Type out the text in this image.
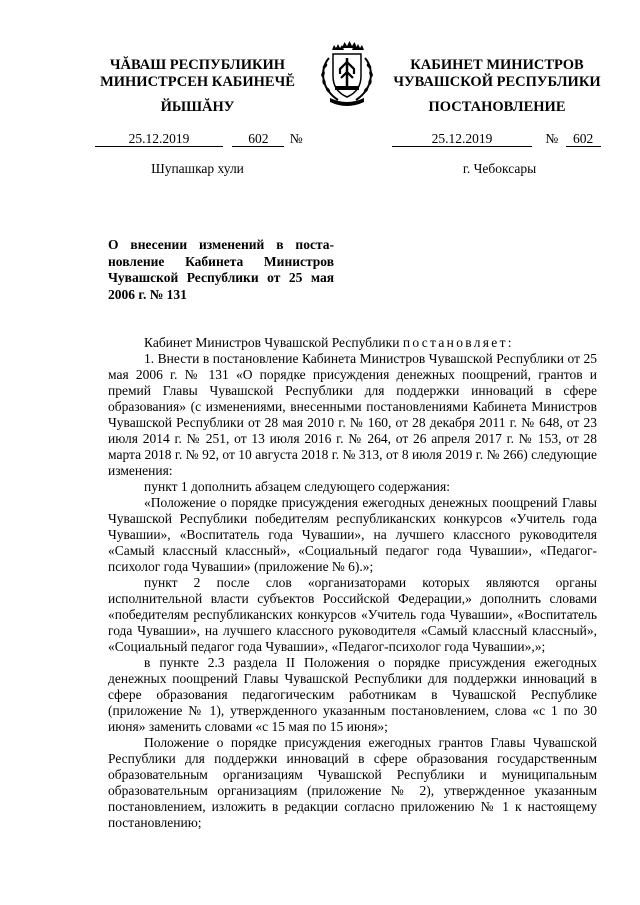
ЧĂВАШ РЕСПУБЛИКИН
МИНИСТРСЕН КАБИНЕЧĔ
ЙЫШĂНУ
КАБИНЕТ МИНИСТРОВ
ЧУВАШСКОЙ РЕСПУБЛИКИ
ПОСТАНОВЛЕНИЕ
25.12.2019	602 №	25.12.2019	№ 602
Шупашкар хули	г. Чебоксары
О внесении изменений в поста-
новление Кабинета Министров
Чувашской Республики от 25 мая
2006 г. № 131

Кабинет Министров Чувашской Республики постановляет:

1. Внести в постановление Кабинета Министров Чувашской Республики от 25 мая 2006 г. № 131 «О порядке присуждения денежных поощрений, грантов и премий Главы Чувашской Республики для поддержки инноваций в сфере образования» (с изменениями, внесенными постановлениями Кабинета Министров Чувашской Республики от 28 мая 2010 г. № 160, от 28 декабря 2011 г. № 648, от 23 июля 2014 г. № 251, от 13 июля 2016 г. № 264, от 26 апреля 2017 г. № 153, от 28 марта 2018 г. № 92, от 10 августа 2018 г. № 313, от 8 июля 2019 г. № 266) следующие изменения:

пункт 1 дополнить абзацем следующего содержания:

«Положение о порядке присуждения ежегодных денежных поощрений Главы Чувашской Республики победителям республиканских конкурсов «Учитель года Чувашии», «Воспитатель года Чувашии», на лучшего классного руководителя «Самый классный классный», «Социальный педагог года Чувашии», «Педагог-психолог года Чувашии» (приложение № 6).»;

пункт 2 после слов «организаторами которых являются органы исполнительной власти субъектов Российской Федерации,» дополнить словами «победителям республиканских конкурсов «Учитель года Чувашии», «Воспитатель года Чувашии», на лучшего классного руководителя «Самый классный классный», «Социальный педагог года Чувашии», «Педагог-психолог года Чувашии»,»;

в пункте 2.3 раздела II Положения о порядке присуждения ежегодных денежных поощрений Главы Чувашской Республики для поддержки инноваций в сфере образования педагогическим работникам в Чувашской Республике (приложение № 1), утвержденного указанным постановлением, слова «с 1 по 30 июня» заменить словами «с 15 мая по 15 июня»;

Положение о порядке присуждения ежегодных грантов Главы Чувашской Республики для поддержки инноваций в сфере образования государственным образовательным организациям Чувашской Республики и муниципальным образовательным организациям (приложение № 2), утвержденное указанным постановлением, изложить в редакции согласно приложению № 1 к настоящему постановлению;
